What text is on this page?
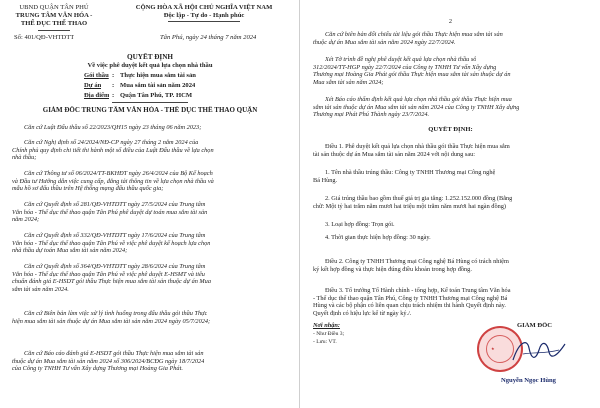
UBND QUẬN TÂN PHÚ
TRUNG TÂM VĂN HÓA -
THỂ DỤC THỂ THAO
Số: 401/QĐ-VHTDTT
CỘNG HÒA XÃ HỘI CHỦ NGHĨA VIỆT NAM
Độc lập - Tự do - Hạnh phúc
Tân Phú, ngày 24 tháng 7 năm 2024
QUYẾT ĐỊNH
Về việc phê duyệt kết quả lựa chọn nhà thầu
Gói thầu : Thực hiện mua sắm tài sản
Dự án : Mua sắm tài sản năm 2024
Địa điểm : Quận Tân Phú, TP. HCM
GIÁM ĐỐC TRUNG TÂM VĂN HÓA - THỂ DỤC THỂ THAO QUẬN
Căn cứ Luật Đấu thầu số 22/2023/QH15 ngày 23 tháng 06 năm 2023;
Căn cứ Nghị định số 24/2024/NĐ-CP ngày 27 tháng 2 năm 2024 của
Chính phủ quy định chi tiết thi hành một số điều của Luật Đấu thầu về lựa chọn
nhà thầu;
Căn cứ Thông tư số 06/2024/TT-BKHĐT ngày 26/4/2024 của Bộ Kế hoạch
và Đầu tư Hướng dẫn việc cung cấp, đăng tải thông tin về lựa chọn nhà thầu và
mẫu hồ sơ đấu thầu trên Hệ thống mạng đấu thầu quốc gia;
Căn cứ Quyết định số 281/QĐ-VHTDTT ngày 27/5/2024 của Trung tâm
Văn hóa - Thể dục thể thao quận Tân Phú phê duyệt dự toán mua sắm tài sản
năm 2024;
Căn cứ Quyết định số 332/QĐ-VHTDTT ngày 17/6/2024 của Trung tâm
Văn hóa - Thể dục thể thao quận Tân Phú về việc phê duyệt kế hoạch lựa chọn
nhà thầu dự toán Mua sắm tài sản năm 2024;
Căn cứ Quyết định số 364/QĐ-VHTDTT ngày 28/6/2024 của Trung tâm
Văn hóa - Thể dục thể thao quận Tân Phú về việc phê duyệt E-HSMT và tiêu
chuẩn đánh giá E-HSDT gói thầu Thực hiện mua sắm tài sản thuộc dự án Mua
sắm tài sản năm 2024.
Căn cứ Biên bản làm việc xử lý tình huống trong đấu thầu gói thầu Thực
hiện mua sắm tài sản thuộc dự án Mua sắm tài sản năm 2024 ngày 05/7/2024;
Căn cứ Báo cáo đánh giá E-HSDT gói thầu Thực hiện mua sắm tài sản
thuộc dự án Mua sắm tài sản năm 2024 số 306/2024/BCĐG ngày 18/7/2024
của Công ty TNHH Tư vấn Xây dựng Thương mại Hoàng Gia Phát.
2
Căn cứ biên bản đối chiếu tài liệu gói thầu Thực hiện mua sắm tài sản
thuộc dự án Mua sắm tài sản năm 2024 ngày 22/7/2024.
Xét Tờ trình đề nghị phê duyệt kết quả lựa chọn nhà thầu số
312/2024/TT-HGP ngày 22/7/2024 của Công ty TNHH Tư vấn Xây dựng
Thương mại Hoàng Gia Phát gói thầu Thực hiện mua sắm tài sản thuộc dự án
Mua sắm tài sản năm 2024;
Xét Báo cáo thẩm định kết quả lựa chọn nhà thầu gói thầu Thực hiện mua
sắm tài sản thuộc dự án Mua sắm tài sản năm 2024 của Công ty TNHH Xây dựng
Thương mại Phát Phú Thành ngày 23/7/2024.
QUYẾT ĐỊNH:
Điều 1. Phê duyệt kết quả lựa chọn nhà thầu gói thầu Thực hiện mua sắm
tài sản thuộc dự án Mua sắm tài sản năm 2024 với nội dung sau:
1. Tên nhà thầu trúng thầu: Công ty TNHH Thương mại Công nghệ
Bá Hùng.
2. Giá trúng thầu bao gồm thuế giá trị gia tăng: 1.252.152.000 đồng (Bằng
chữ: Một tỷ hai trăm năm mươi hai triệu một trăm năm mươi hai ngàn đồng)
3. Loại hợp đồng: Trọn gói.
4. Thời gian thực hiện hợp đồng: 30 ngày.
Điều 2. Công ty TNHH Thương mại Công nghệ Bá Hùng có trách nhiệm
ký kết hợp đồng và thực hiện đúng điều khoản trong hợp đồng.
Điều 3. Tổ trưởng Tổ Hành chính - tổng hợp, Kế toán Trung tâm Văn hóa
- Thể dục thể thao quận Tân Phú, Công ty TNHH Thương mại Công nghệ Bá
Hùng và các bộ phận có liên quan chịu trách nhiệm thi hành Quyết định này.
Quyết định có hiệu lực kể từ ngày ký./.
Nơi nhận:
- Như Điều 3;
- Lưu: VT.
GIÁM ĐỐC
★
Nguyễn Ngọc Hùng
